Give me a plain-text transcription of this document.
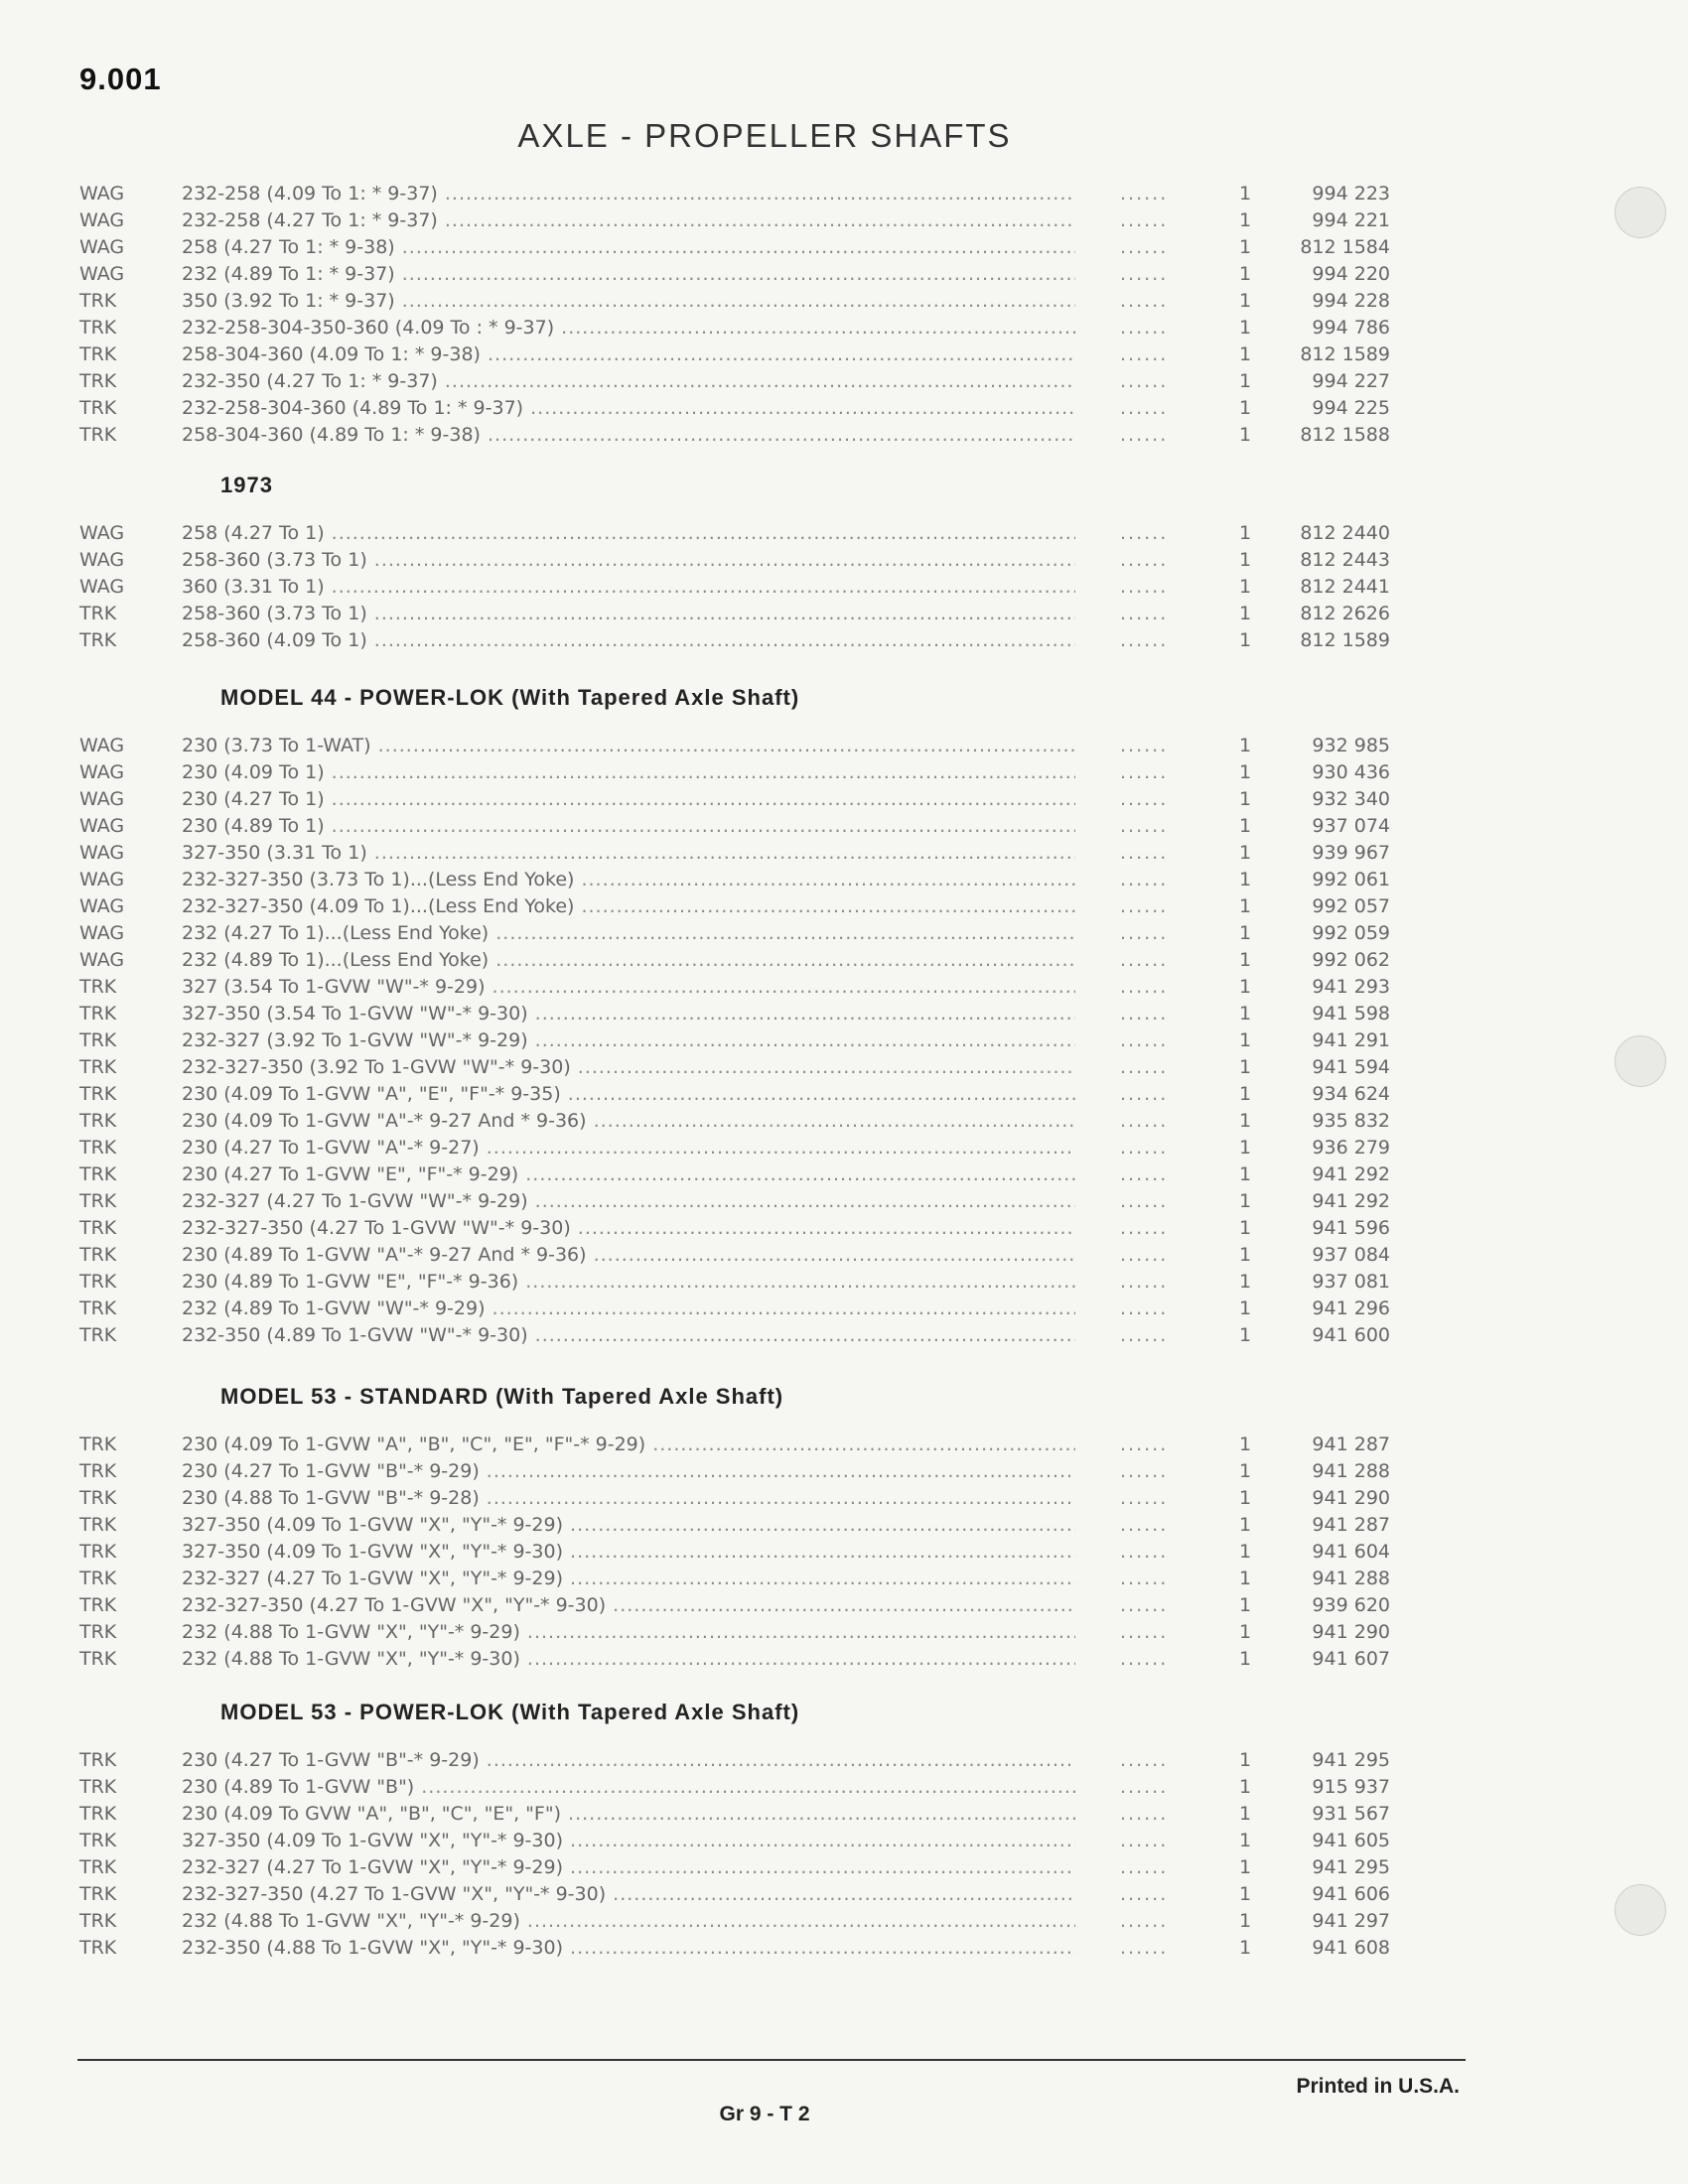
9.001
AXLE - PROPELLER SHAFTS
WAG	232-258 (4.09 To 1: * 9-37) .....	......	1	994 223
WAG	232-258 (4.27 To 1: * 9-37) .....	......	1	994 221
WAG	258 (4.27 To 1: * 9-38) .....	......	1	812 1584
WAG	232 (4.89 To 1: * 9-37) .....	......	1	994 220
TRK	350 (3.92 To 1: * 9-37) .....	......	1	994 228
TRK	232-258-304-350-360 (4.09 To : * 9-37) .....	......	1	994 786
TRK	258-304-360 (4.09 To 1: * 9-38) .....	......	1	812 1589
TRK	232-350 (4.27 To 1: * 9-37) .....	......	1	994 227
TRK	232-258-304-360 (4.89 To 1: * 9-37) .....	......	1	994 225
TRK	258-304-360 (4.89 To 1: * 9-38) .....	......	1	812 1588
1973
WAG	258 (4.27 To 1) .....	......	1	812 2440
WAG	258-360 (3.73 To 1) .....	......	1	812 2443
WAG	360 (3.31 To 1) .....	......	1	812 2441
TRK	258-360 (3.73 To 1) .....	......	1	812 2626
TRK	258-360 (4.09 To 1) .....	......	1	812 1589
MODEL 44 - POWER-LOK (With Tapered Axle Shaft)
WAG	230 (3.73 To 1-WAT) .....	......	1	932 985
WAG	230 (4.09 To 1) .....	......	1	930 436
WAG	230 (4.27 To 1) .....	......	1	932 340
WAG	230 (4.89 To 1) .....	......	1	937 074
WAG	327-350 (3.31 To 1) .....	......	1	939 967
WAG	232-327-350 (3.73 To 1)...(Less End Yoke) .....	......	1	992 061
WAG	232-327-350 (4.09 To 1)...(Less End Yoke) .....	......	1	992 057
WAG	232 (4.27 To 1)...(Less End Yoke) .....	......	1	992 059
WAG	232 (4.89 To 1)...(Less End Yoke) .....	......	1	992 062
TRK	327 (3.54 To 1-GVW "W"-* 9-29) .....	......	1	941 293
TRK	327-350 (3.54 To 1-GVW "W"-* 9-30) .....	......	1	941 598
TRK	232-327 (3.92 To 1-GVW "W"-* 9-29) .....	......	1	941 291
TRK	232-327-350 (3.92 To 1-GVW "W"-* 9-30) .....	......	1	941 594
TRK	230 (4.09 To 1-GVW "A", "E", "F"-* 9-35) .....	......	1	934 624
TRK	230 (4.09 To 1-GVW "A"-* 9-27 And * 9-36) .....	......	1	935 832
TRK	230 (4.27 To 1-GVW "A"-* 9-27) .....	......	1	936 279
TRK	230 (4.27 To 1-GVW "E", "F"-* 9-29) .....	......	1	941 292
TRK	232-327 (4.27 To 1-GVW "W"-* 9-29) .....	......	1	941 292
TRK	232-327-350 (4.27 To 1-GVW "W"-* 9-30) .....	......	1	941 596
TRK	230 (4.89 To 1-GVW "A"-* 9-27 And * 9-36) .....	......	1	937 084
TRK	230 (4.89 To 1-GVW "E", "F"-* 9-36) .....	......	1	937 081
TRK	232 (4.89 To 1-GVW "W"-* 9-29) .....	......	1	941 296
TRK	232-350 (4.89 To 1-GVW "W"-* 9-30) .....	......	1	941 600
MODEL 53 - STANDARD (With Tapered Axle Shaft)
TRK	230 (4.09 To 1-GVW "A", "B", "C", "E", "F"-* 9-29) .....	......	1	941 287
TRK	230 (4.27 To 1-GVW "B"-* 9-29) .....	......	1	941 288
TRK	230 (4.88 To 1-GVW "B"-* 9-28) .....	......	1	941 290
TRK	327-350 (4.09 To 1-GVW "X", "Y"-* 9-29) .....	......	1	941 287
TRK	327-350 (4.09 To 1-GVW "X", "Y"-* 9-30) .....	......	1	941 604
TRK	232-327 (4.27 To 1-GVW "X", "Y"-* 9-29) .....	......	1	941 288
TRK	232-327-350 (4.27 To 1-GVW "X", "Y"-* 9-30) .....	......	1	939 620
TRK	232 (4.88 To 1-GVW "X", "Y"-* 9-29) .....	......	1	941 290
TRK	232 (4.88 To 1-GVW "X", "Y"-* 9-30) .....	......	1	941 607
MODEL 53 - POWER-LOK (With Tapered Axle Shaft)
TRK	230 (4.27 To 1-GVW "B"-* 9-29) .....	......	1	941 295
TRK	230 (4.89 To 1-GVW "B") .....	......	1	915 937
TRK	230 (4.09 To GVW "A", "B", "C", "E", "F") .....	......	1	931 567
TRK	327-350 (4.09 To 1-GVW "X", "Y"-* 9-30) .....	......	1	941 605
TRK	232-327 (4.27 To 1-GVW "X", "Y"-* 9-29) .....	......	1	941 295
TRK	232-327-350 (4.27 To 1-GVW "X", "Y"-* 9-30) .....	......	1	941 606
TRK	232 (4.88 To 1-GVW "X", "Y"-* 9-29) .....	......	1	941 297
TRK	232-350 (4.88 To 1-GVW "X", "Y"-* 9-30) .....	......	1	941 608
Printed in U.S.A.
Gr 9 - T 2
